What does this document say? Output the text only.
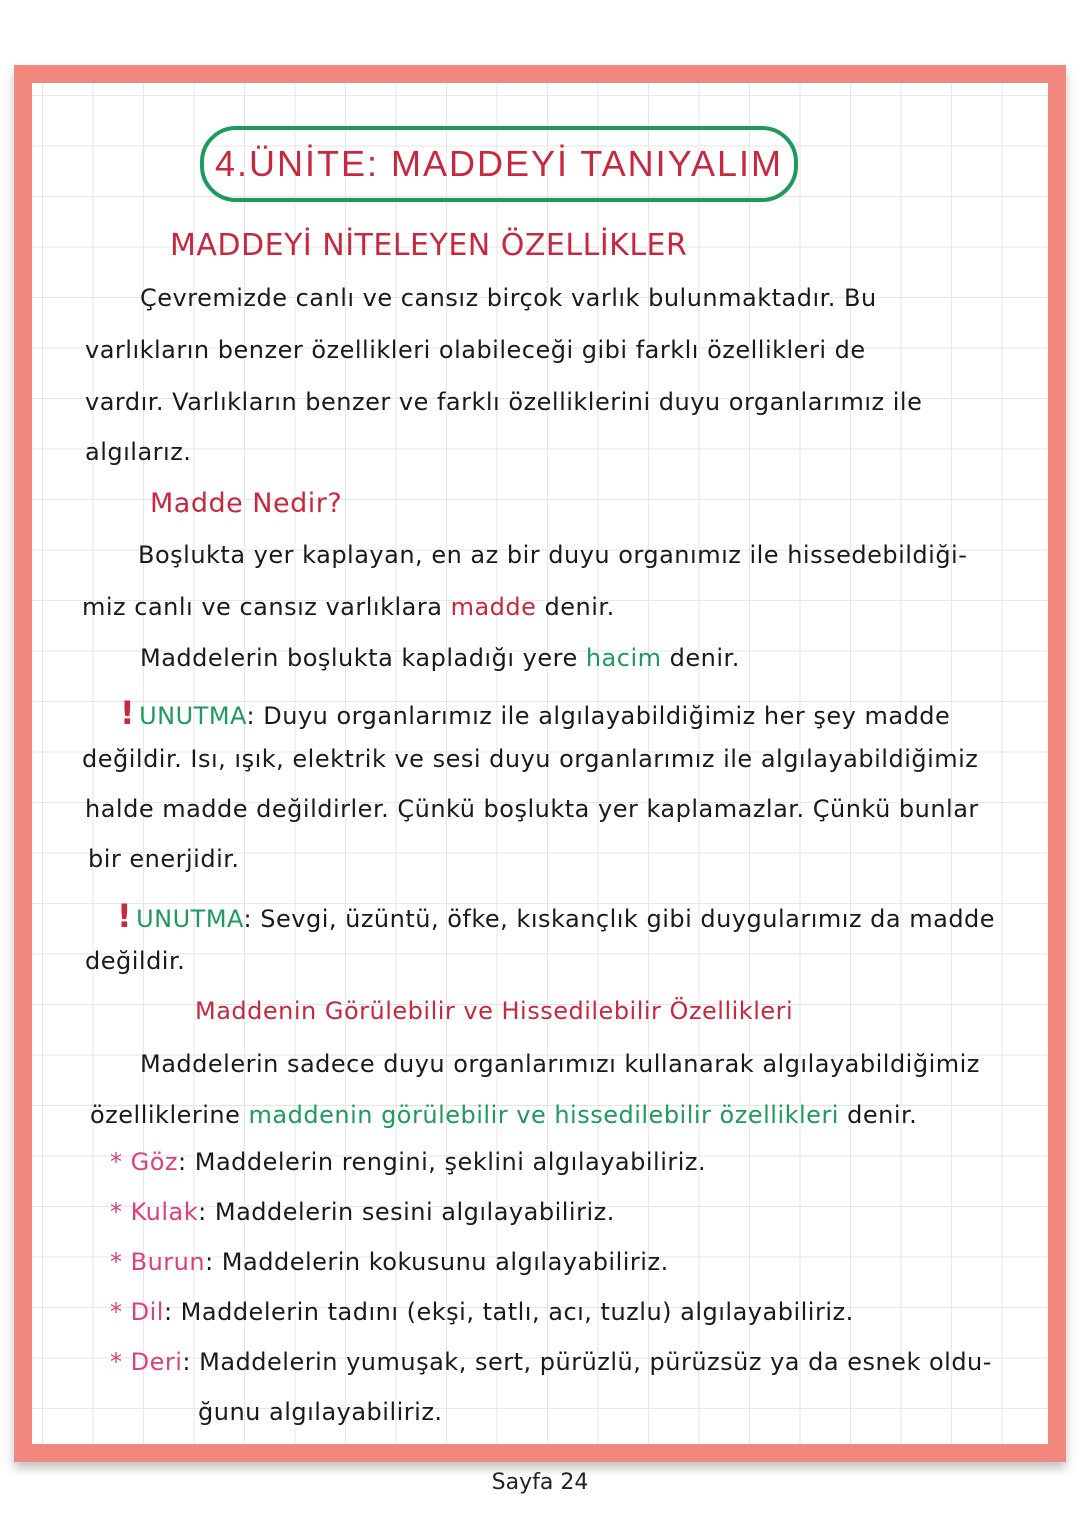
4.ÜNİTE: MADDEYİ TANIYALIM
MADDEYİ NİTELEYEN ÖZELLİKLER
Çevremizde canlı ve cansız birçok varlık bulunmaktadır. Bu
varlıkların benzer özellikleri olabileceği gibi farklı özellikleri de
vardır. Varlıkların benzer ve farklı özelliklerini duyu organlarımız ile
algılarız.
Madde Nedir?
Boşlukta yer kaplayan, en az bir duyu organımız ile hissedebildiği-
miz canlı ve cansız varlıklara madde denir.
Maddelerin boşlukta kapladığı yere hacim denir.
! UNUTMA: Duyu organlarımız ile algılayabildiğimiz her şey madde
değildir. Isı, ışık, elektrik ve sesi duyu organlarımız ile algılayabildiğimiz
halde madde değildirler. Çünkü boşlukta yer kaplamazlar. Çünkü bunlar
bir enerjidir.
! UNUTMA: Sevgi, üzüntü, öfke, kıskançlık gibi duygularımız da madde
değildir.
Maddenin Görülebilir ve Hissedilebilir Özellikleri
Maddelerin sadece duyu organlarımızı kullanarak algılayabildiğimiz
özelliklerine maddenin görülebilir ve hissedilebilir özellikleri denir.
* Göz: Maddelerin rengini, şeklini algılayabiliriz.
* Kulak: Maddelerin sesini algılayabiliriz.
* Burun: Maddelerin kokusunu algılayabiliriz.
* Dil: Maddelerin tadını (ekşi, tatlı, acı, tuzlu) algılayabiliriz.
* Deri: Maddelerin yumuşak, sert, pürüzlü, pürüzsüz ya da esnek oldu-
ğunu algılayabiliriz.
Sayfa 24
